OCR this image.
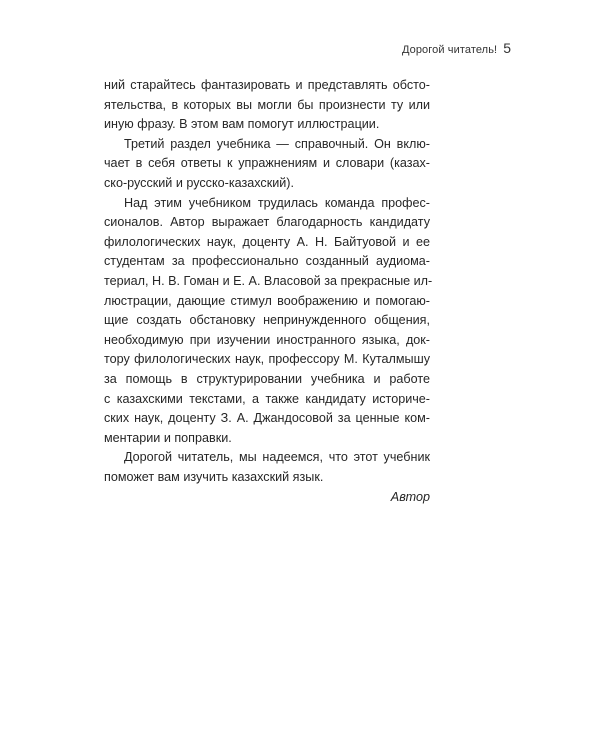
Дорогой читатель! 5
ний старайтесь фантазировать и представлять обсто-
ятельства, в которых вы могли бы произнести ту или
иную фразу. В этом вам помогут иллюстрации.
Третий раздел учебника — справочный. Он вклю-
чает в себя ответы к упражнениям и словари (казах-
ско-русский и русско-казахский).
Над этим учебником трудилась команда профес-
сионалов. Автор выражает благодарность кандидату
филологических наук, доценту А. Н. Байтуовой и ее
студентам за профессионально созданный аудиома-
териал, Н. В. Гоман и Е. А. Власовой за прекрасные ил-
люстрации, дающие стимул воображению и помогаю-
щие создать обстановку непринужденного общения,
необходимую при изучении иностранного языка, док-
тору филологических наук, профессору М. Куталмышу
за помощь в структурировании учебника и работе
с казахскими текстами, а также кандидату историче-
ских наук, доценту З. А. Джандосовой за ценные ком-
ментарии и поправки.
Дорогой читатель, мы надеемся, что этот учебник
поможет вам изучить казахский язык.
Автор
